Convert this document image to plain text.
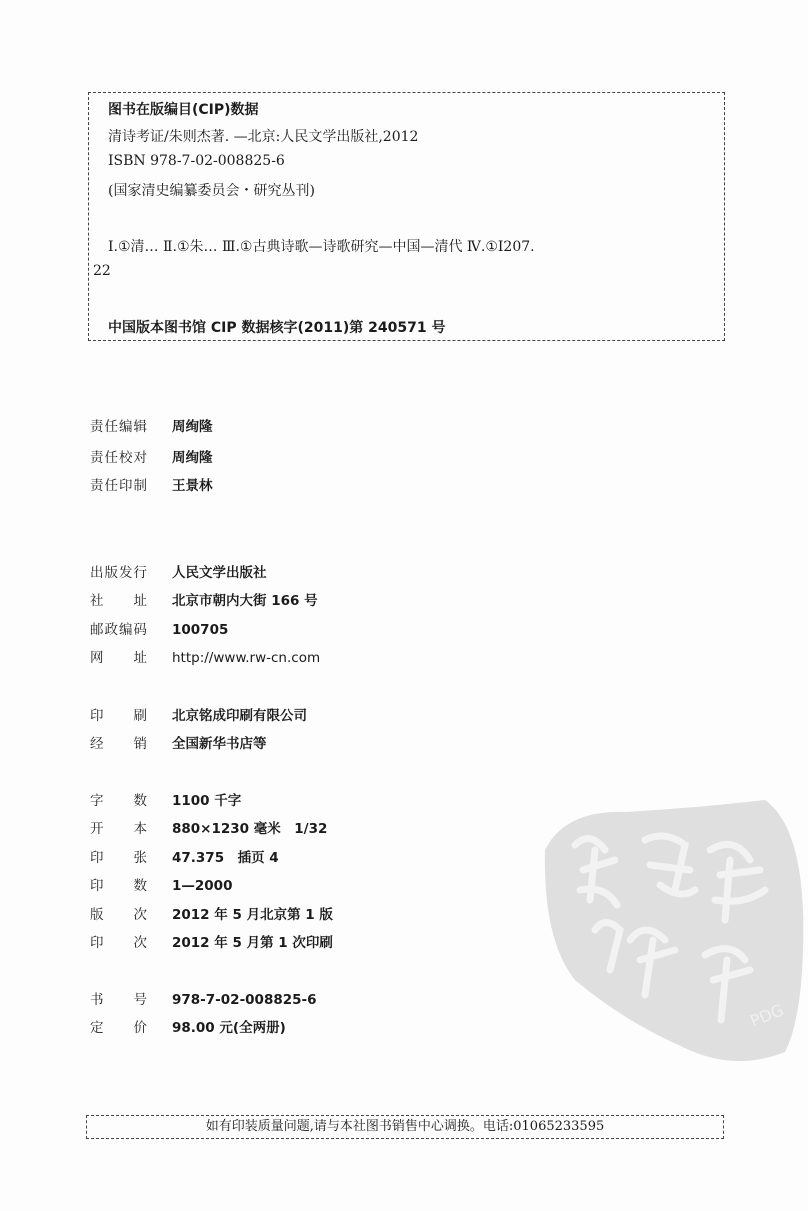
图书在版编目(CIP)数据
清诗考证/朱则杰著. —北京:人民文学出版社,2012
ISBN 978-7-02-008825-6
(国家清史编纂委员会・研究丛刊)
Ⅰ.①清… Ⅱ.①朱… Ⅲ.①古典诗歌—诗歌研究—中国—清代 Ⅳ.①I207.
22
中国版本图书馆 CIP 数据核字(2011)第 240571 号
责任编辑 周绚隆
责任校对 周绚隆
责任印制 王景林
出版发行 人民文学出版社
社　　址 北京市朝内大街 166 号
邮政编码 100705
网　　址 http://www.rw-cn.com
印　　刷 北京铭成印刷有限公司
经　　销 全国新华书店等
字　　数 1100 千字
开　　本 880×1230 毫米　1/32
印　　张 47.375　插页 4
印　　数 1—2000
版　　次 2012 年 5 月北京第 1 版
印　　次 2012 年 5 月第 1 次印刷
书　　号 978-7-02-008825-6
定　　价 98.00 元(全两册)	PDG
如有印装质量问题,请与本社图书销售中心调换。电话:01065233595
